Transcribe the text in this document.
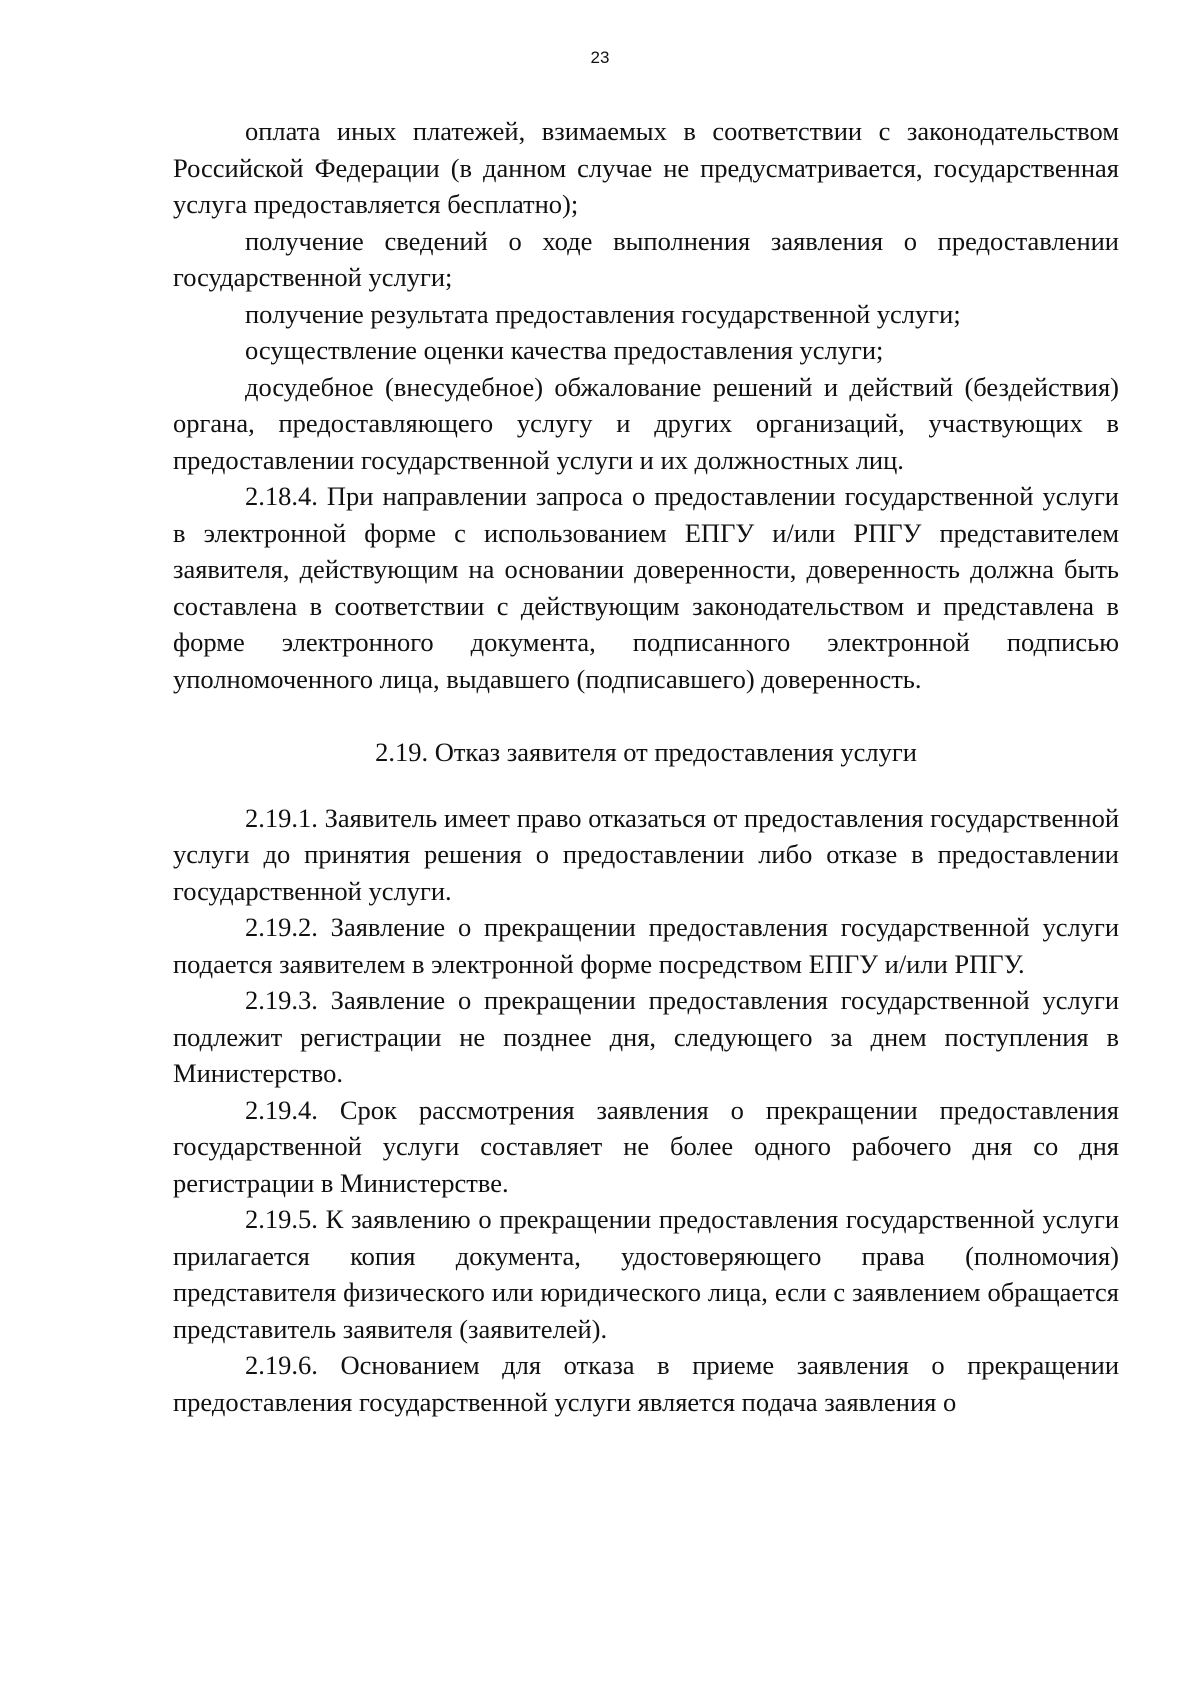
23

оплата иных платежей, взимаемых в соответствии с законодательством Российской Федерации (в данном случае не предусматривается, государственная услуга предоставляется бесплатно);

получение сведений о ходе выполнения заявления о предоставлении государственной услуги;

получение результата предоставления государственной услуги;

осуществление оценки качества предоставления услуги;

досудебное (внесудебное) обжалование решений и действий (бездействия) органа, предоставляющего услугу и других организаций, участвующих в предоставлении государственной услуги и их должностных лиц.

2.18.4. При направлении запроса о предоставлении государственной услуги в электронной форме с использованием ЕПГУ и/или РПГУ представителем заявителя, действующим на основании доверенности, доверенность должна быть составлена в соответствии с действующим законодательством и представлена в форме электронного документа, подписанного электронной подписью уполномоченного лица, выдавшего (подписавшего) доверенность.

2.19. Отказ заявителя от предоставления услуги

2.19.1. Заявитель имеет право отказаться от предоставления государственной услуги до принятия решения о предоставлении либо отказе в предоставлении государственной услуги.

2.19.2. Заявление о прекращении предоставления государственной услуги подается заявителем в электронной форме посредством ЕПГУ и/или РПГУ.

2.19.3. Заявление о прекращении предоставления государственной услуги подлежит регистрации не позднее дня, следующего за днем поступления в Министерство.

2.19.4. Срок рассмотрения заявления о прекращении предоставления государственной услуги составляет не более одного рабочего дня со дня регистрации в Министерстве.

2.19.5. К заявлению о прекращении предоставления государственной услуги прилагается копия документа, удостоверяющего права (полномочия) представителя физического или юридического лица, если с заявлением обращается представитель заявителя (заявителей).

2.19.6. Основанием для отказа в приеме заявления о прекращении предоставления государственной услуги является подача заявления о
